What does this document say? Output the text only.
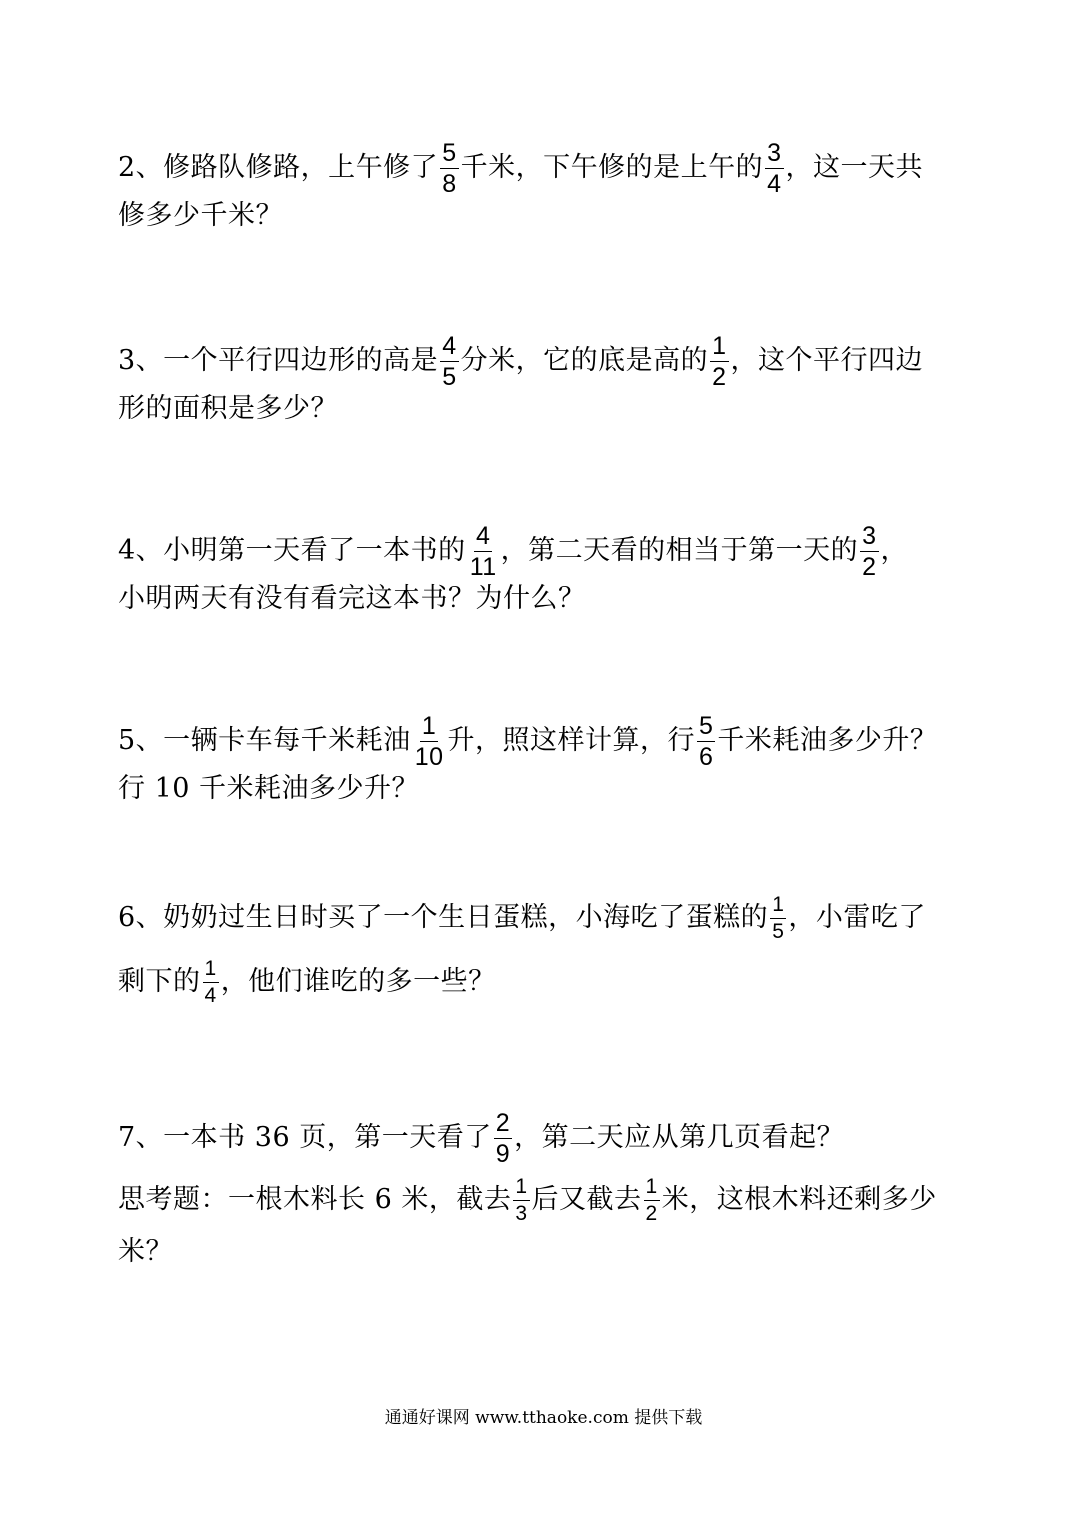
2、修路队修路，上午修了 $\frac{5}{8}$ 千米，下午修的是上午的 $\frac{3}{4}$ ，这一天共
修多少千米？
3、一个平行四边形的高是 $\frac{4}{5}$ 分米，它的底是高的 $\frac{1}{2}$ ，这个平行四边
形的面积是多少？
4、小明第一天看了一本书的 $\frac{4}{11}$ ，第二天看的相当于第一天的 $\frac{3}{2}$ ，
小明两天有没有看完这本书？为什么？
5、一辆卡车每千米耗油 $\frac{1}{10}$ 升，照这样计算，行 $\frac{5}{6}$ 千米耗油多少升？
行 10 千米耗油多少升？
6、奶奶过生日时买了一个生日蛋糕，小海吃了蛋糕的 $\frac{1}{5}$ ，小雷吃了
剩下的 $\frac{1}{4}$ ，他们谁吃的多一些？
7、一本书 36 页，第一天看了 $\frac{2}{9}$ ，第二天应从第几页看起？
思考题：一根木料长 6 米，截去 $\frac{1}{3}$ 后又截去 $\frac{1}{2}$ 米，这根木料还剩多少
米？
通通好课网 www.tthaoke.com 提供下载
